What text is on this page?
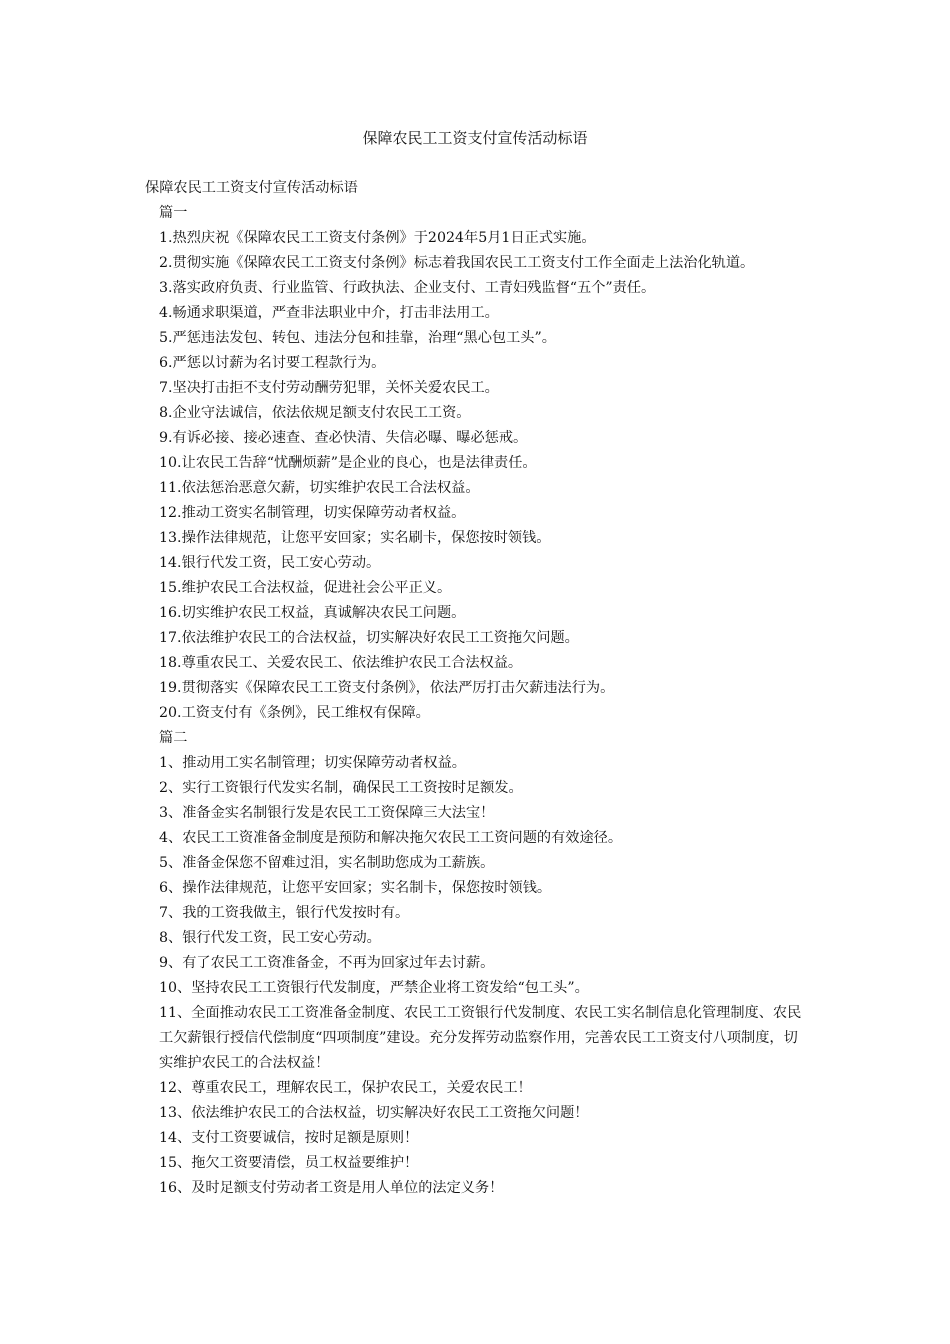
保障农民工工资支付宣传活动标语

保障农民工工资支付宣传活动标语

篇一

1.热烈庆祝《保障农民工工资支付条例》于2024年5月1日正式实施。

2.贯彻实施《保障农民工工资支付条例》标志着我国农民工工资支付工作全面走上法治化轨道。

3.落实政府负责、行业监管、行政执法、企业支付、工青妇残监督“五个”责任。

4.畅通求职渠道，严查非法职业中介，打击非法用工。

5.严惩违法发包、转包、违法分包和挂靠，治理“黑心包工头”。

6.严惩以讨薪为名讨要工程款行为。

7.坚决打击拒不支付劳动酬劳犯罪，关怀关爱农民工。

8.企业守法诚信，依法依规足额支付农民工工资。

9.有诉必接、接必速查、查必快清、失信必曝、曝必惩戒。

10.让农民工告辞“忧酬烦薪”是企业的良心，也是法律责任。

11.依法惩治恶意欠薪，切实维护农民工合法权益。

12.推动工资实名制管理，切实保障劳动者权益。

13.操作法律规范，让您平安回家；实名刷卡，保您按时领钱。

14.银行代发工资，民工安心劳动。

15.维护农民工合法权益，促进社会公平正义。

16.切实维护农民工权益，真诚解决农民工问题。

17.依法维护农民工的合法权益，切实解决好农民工工资拖欠问题。

18.尊重农民工、关爱农民工、依法维护农民工合法权益。

19.贯彻落实《保障农民工工资支付条例》，依法严厉打击欠薪违法行为。

20.工资支付有《条例》，民工维权有保障。

篇二

1、推动用工实名制管理；切实保障劳动者权益。

2、实行工资银行代发实名制，确保民工工资按时足额发。

3、准备金实名制银行发是农民工工资保障三大法宝！

4、农民工工资准备金制度是预防和解决拖欠农民工工资问题的有效途径。

5、准备金保您不留难过泪，实名制助您成为工薪族。

6、操作法律规范，让您平安回家；实名制卡，保您按时领钱。

7、我的工资我做主，银行代发按时有。

8、银行代发工资，民工安心劳动。

9、有了农民工工资准备金，不再为回家过年去讨薪。

10、坚持农民工工资银行代发制度，严禁企业将工资发给“包工头”。

11、全面推动农民工工资准备金制度、农民工工资银行代发制度、农民工实名制信息化管理制度、农民工欠薪银行授信代偿制度“四项制度”建设。充分发挥劳动监察作用，完善农民工工资支付八项制度，切实维护农民工的合法权益！

12、尊重农民工，理解农民工，保护农民工，关爱农民工！

13、依法维护农民工的合法权益，切实解决好农民工工资拖欠问题！

14、支付工资要诚信，按时足额是原则！

15、拖欠工资要清偿，员工权益要维护！

16、及时足额支付劳动者工资是用人单位的法定义务！
